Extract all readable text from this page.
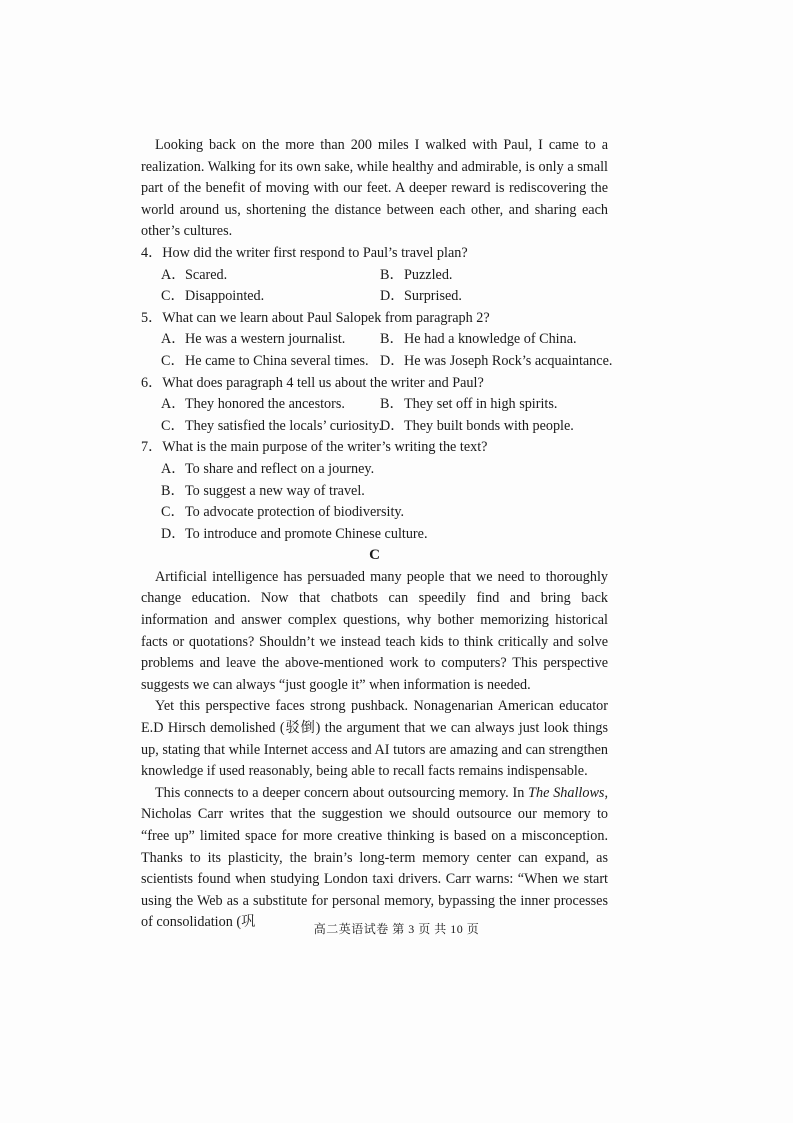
Looking back on the more than 200 miles I walked with Paul, I came to a realization. Walking for its own sake, while healthy and admirable, is only a small part of the benefit of moving with our feet. A deeper reward is rediscovering the world around us, shortening the distance between each other, and sharing each other’s cultures.

4．How did the writer first respond to Paul’s travel plan?
A．Scared.	B．Puzzled.
C．Disappointed.	D．Surprised.
5．What can we learn about Paul Salopek from paragraph 2?
A．He was a western journalist.	B．He had a knowledge of China.
C．He came to China several times. D．He was Joseph Rock’s acquaintance.
6．What does paragraph 4 tell us about the writer and Paul?
A．They honored the ancestors.	B．They set off in high spirits.
C．They satisfied the locals’ curiosity.
D．They built bonds with people.
7．What is the main purpose of the writer’s writing the text?
A．To share and reflect on a journey.
B．To suggest a new way of travel.
C．To advocate protection of biodiversity.
D．To introduce and promote Chinese culture.
C

Artificial intelligence has persuaded many people that we need to thoroughly change education. Now that chatbots can speedily find and bring back information and answer complex questions, why bother memorizing historical facts or quotations? Shouldn’t we instead teach kids to think critically and solve problems and leave the above-mentioned work to computers? This perspective suggests we can always “just google it” when information is needed.

Yet this perspective faces strong pushback. Nonagenarian American educator E.D Hirsch demolished (驳倒) the argument that we can always just look things up, stating that while Internet access and AI tutors are amazing and can strengthen knowledge if used reasonably, being able to recall facts remains indispensable.

This connects to a deeper concern about outsourcing memory. In The Shallows, Nicholas Carr writes that the suggestion we should outsource our memory to “free up” limited space for more creative thinking is based on a misconception. Thanks to its plasticity, the brain’s long-term memory center can expand, as scientists found when studying London taxi drivers. Carr warns: “When we start using the Web as a substitute for personal memory, bypassing the inner processes of consolidation (巩	高二英语试卷 第 3 页 共 10 页
